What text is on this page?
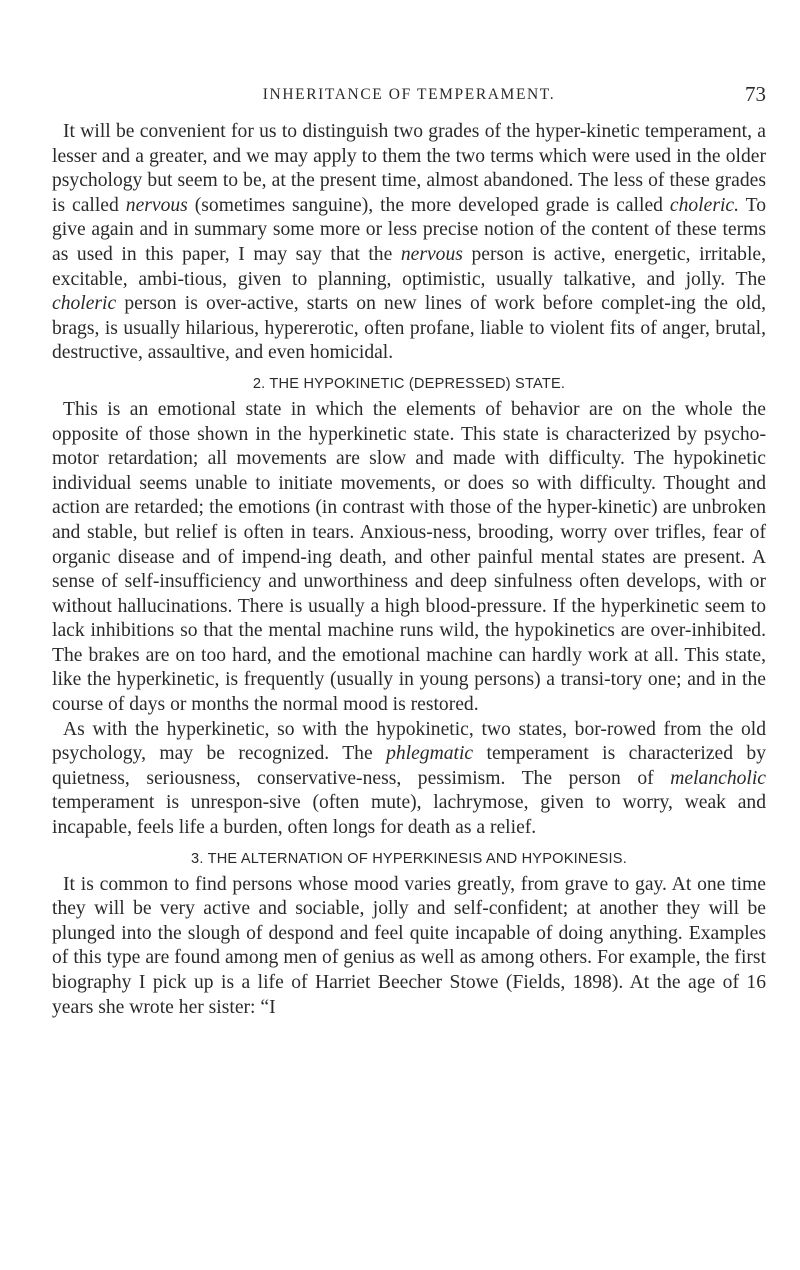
INHERITANCE OF TEMPERAMENT.	73

It will be convenient for us to distinguish two grades of the hyper-kinetic temperament, a lesser and a greater, and we may apply to them the two terms which were used in the older psychology but seem to be, at the present time, almost abandoned. The less of these grades is called nervous (sometimes sanguine), the more developed grade is called choleric. To give again and in summary some more or less precise notion of the content of these terms as used in this paper, I may say that the nervous person is active, energetic, irritable, excitable, ambi-tious, given to planning, optimistic, usually talkative, and jolly. The choleric person is over-active, starts on new lines of work before complet-ing the old, brags, is usually hilarious, hypererotic, often profane, liable to violent fits of anger, brutal, destructive, assaultive, and even homicidal.

2. THE HYPOKINETIC (DEPRESSED) STATE.

This is an emotional state in which the elements of behavior are on the whole the opposite of those shown in the hyperkinetic state. This state is characterized by psycho-motor retardation; all movements are slow and made with difficulty. The hypokinetic individual seems unable to initiate movements, or does so with difficulty. Thought and action are retarded; the emotions (in contrast with those of the hyper-kinetic) are unbroken and stable, but relief is often in tears. Anxious-ness, brooding, worry over trifles, fear of organic disease and of impend-ing death, and other painful mental states are present. A sense of self-insufficiency and unworthiness and deep sinfulness often develops, with or without hallucinations. There is usually a high blood-pressure. If the hyperkinetic seem to lack inhibitions so that the mental machine runs wild, the hypokinetics are over-inhibited. The brakes are on too hard, and the emotional machine can hardly work at all. This state, like the hyperkinetic, is frequently (usually in young persons) a transi-tory one; and in the course of days or months the normal mood is restored.

As with the hyperkinetic, so with the hypokinetic, two states, bor-rowed from the old psychology, may be recognized. The phlegmatic temperament is characterized by quietness, seriousness, conservative-ness, pessimism. The person of melancholic temperament is unrespon-sive (often mute), lachrymose, given to worry, weak and incapable, feels life a burden, often longs for death as a relief.

3. THE ALTERNATION OF HYPERKINESIS AND HYPOKINESIS.

It is common to find persons whose mood varies greatly, from grave to gay. At one time they will be very active and sociable, jolly and self-confident; at another they will be plunged into the slough of despond and feel quite incapable of doing anything. Examples of this type are found among men of genius as well as among others. For example, the first biography I pick up is a life of Harriet Beecher Stowe (Fields, 1898). At the age of 16 years she wrote her sister: “I
